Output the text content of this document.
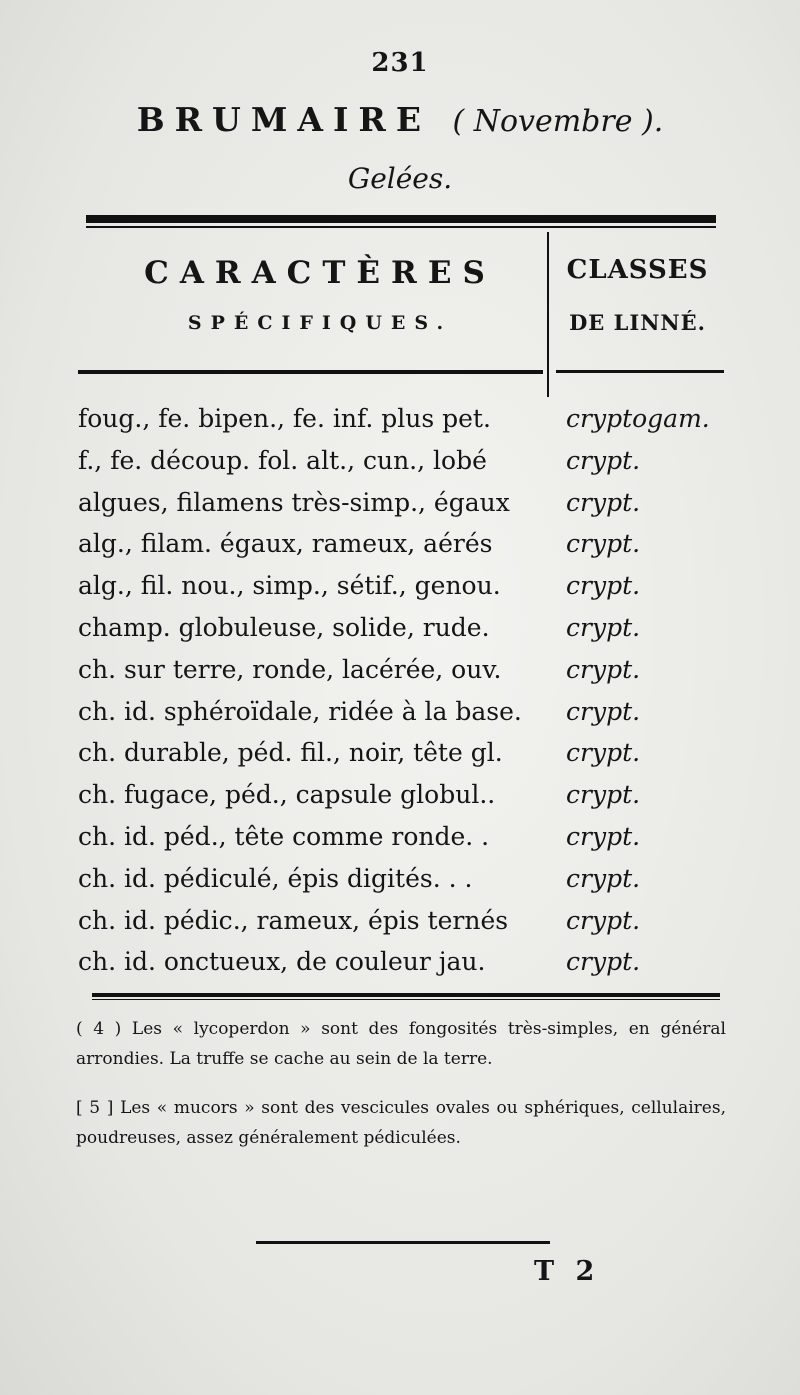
231
BRUMAIRE ( Novembre ).
Gelées.
CARACTÈRES
SPÉCIFIQUES.
CLASSES
DE LINNÉ.
foug., fe. bipen., fe. inf. plus pet.	cryptogam.
f., fe. découp. fol. alt., cun., lobé	crypt.
algues, filamens très-simp., égaux	crypt.
alg., filam. égaux, rameux, aérés	crypt.
alg., fil. nou., simp., sétif., genou.	crypt.
champ. globuleuse, solide, rude.	crypt.
ch. sur terre, ronde, lacérée, ouv.	crypt.
ch. id. sphéroïdale, ridée à la base.	crypt.
ch. durable, péd. fil., noir, tête gl.	crypt.
ch. fugace, péd., capsule globul..	crypt.
ch. id. péd., tête comme ronde. .	crypt.
ch. id. pédiculé, épis digités. . .	crypt.
ch. id. pédic., rameux, épis ternés	crypt.
ch. id. onctueux, de couleur jau.	crypt.
( 4 ) Les « lycoperdon » sont des fongosités très-simples, en général arrondies. La truffe se cache au sein de la terre.
[ 5 ] Les « mucors » sont des vescicules ovales ou sphériques, cellulaires, poudreuses, assez généralement pédiculées.
T 2
